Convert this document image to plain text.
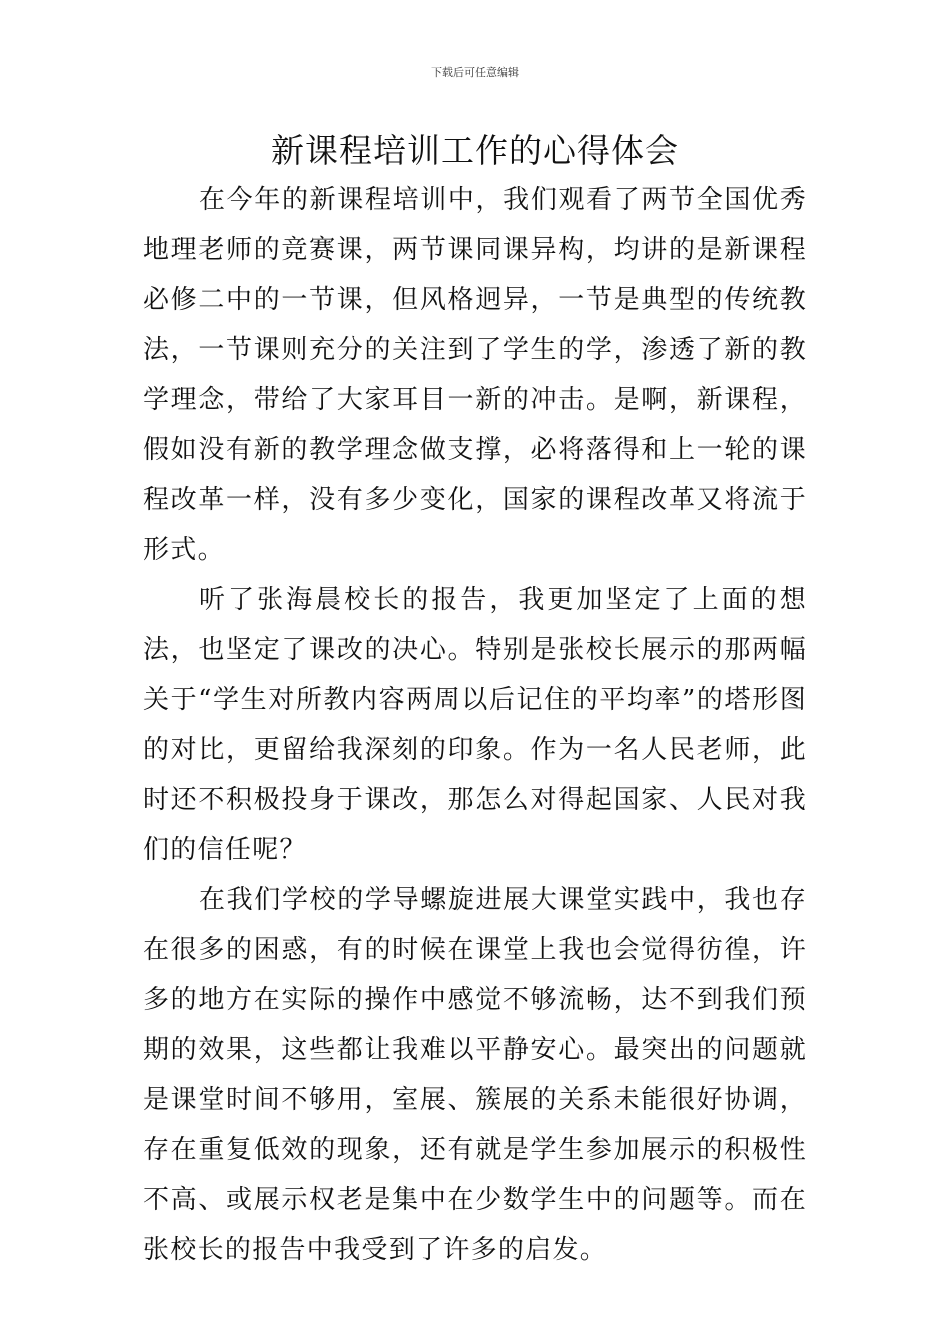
下载后可任意编辑
新课程培训工作的心得体会

在今年的新课程培训中，我们观看了两节全国优秀地理老师的竞赛课，两节课同课异构，均讲的是新课程必修二中的一节课，但风格迥异，一节是典型的传统教法，一节课则充分的关注到了学生的学，渗透了新的教学理念，带给了大家耳目一新的冲击。是啊，新课程，假如没有新的教学理念做支撑，必将落得和上一轮的课程改革一样，没有多少变化，国家的课程改革又将流于形式。

听了张海晨校长的报告，我更加坚定了上面的想法，也坚定了课改的决心。特别是张校长展示的那两幅关于“学生对所教内容两周以后记住的平均率”的塔形图的对比，更留给我深刻的印象。作为一名人民老师，此时还不积极投身于课改，那怎么对得起国家、人民对我们的信任呢？

在我们学校的学导螺旋进展大课堂实践中，我也存在很多的困惑，有的时候在课堂上我也会觉得彷徨，许多的地方在实际的操作中感觉不够流畅，达不到我们预期的效果，这些都让我难以平静安心。最突出的问题就是课堂时间不够用，室展、簇展的关系未能很好协调，存在重复低效的现象，还有就是学生参加展示的积极性不高、或展示权老是集中在少数学生中的问题等。而在张校长的报告中我受到了许多的启发。
